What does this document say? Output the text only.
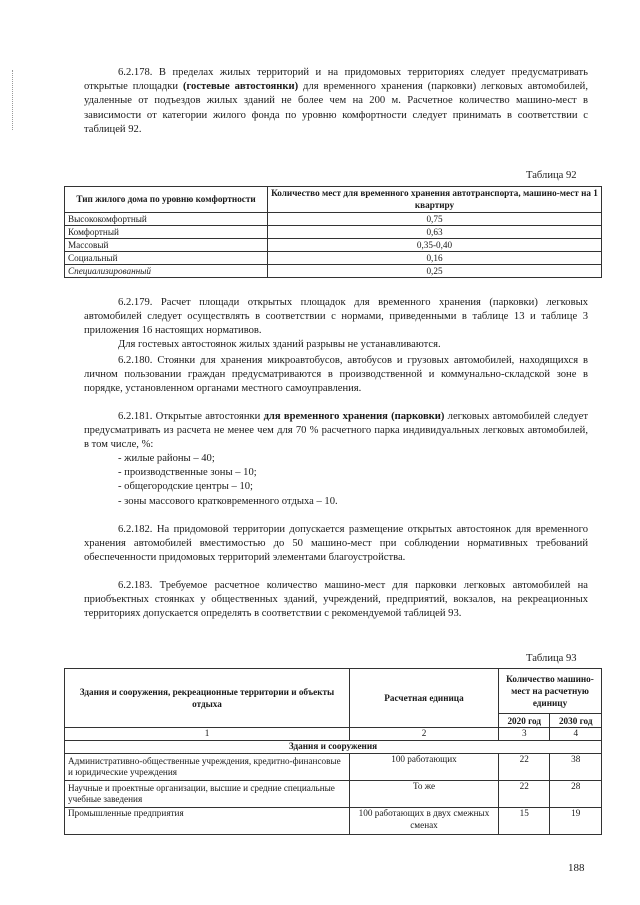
6.2.178. В пределах жилых территорий и на придомовых территориях следует предусматривать открытые площадки (гостевые автостоянки) для временного хранения (парковки) легковых автомобилей, удаленные от подъездов жилых зданий не более чем на 200 м. Расчетное количество машино-мест в зависимости от категории жилого фонда по уровню комфортности следует принимать в соответствии с таблицей 92.

Таблица 92
Тип жилого дома по уровню комфортности	Количество мест для временного хранения автотранспорта, машино-мест на 1 квартиру
Высококомфортный	0,75
Комфортный	0,63
Массовый	0,35-0,40
Социальный	0,16
Специализированный	0,25

6.2.179. Расчет площади открытых площадок для временного хранения (парковки) легковых автомобилей следует осуществлять в соответствии с нормами, приведенными в таблице 13 и таблице 3 приложения 16 настоящих нормативов.

Для гостевых автостоянок жилых зданий разрывы не устанавливаются.

6.2.180. Стоянки для хранения микроавтобусов, автобусов и грузовых автомобилей, находящихся в личном пользовании граждан предусматриваются в производственной и коммунально-складской зоне в порядке, установленном органами местного самоуправления.

6.2.181. Открытые автостоянки для временного хранения (парковки) легковых автомобилей следует предусматривать из расчета не менее чем для 70 % расчетного парка индивидуальных легковых автомобилей, в том числе, %:

- жилые районы – 40;
- производственные зоны – 10;
- общегородские центры – 10;
- зоны массового кратковременного отдыха – 10.

6.2.182. На придомовой территории допускается размещение открытых автостоянок для временного хранения автомобилей вместимостью до 50 машино-мест при соблюдении нормативных требований обеспеченности придомовых территорий элементами благоустройства.

6.2.183. Требуемое расчетное количество машино-мест для парковки легковых автомобилей на приобъектных стоянках у общественных зданий, учреждений, предприятий, вокзалов, на рекреационных территориях допускается определять в соответствии с рекомендуемой таблицей 93.

Таблица 93
Здания и сооружения, рекреационные территории и объекты отдыха	Расчетная единица	Количество машино-мест на расчетную единицу	
		2020 год	2030 год
1	2	3	4
Здания и сооружения			
Административно-общественные учреждения, кредитно-финансовые и юридические учреждения	100 работающих	22	38
Научные и проектные организации, высшие и средние специальные учебные заведения	То же	22	28
Промышленные предприятия	100 работающих в двух смежных сменах	15	19
188
